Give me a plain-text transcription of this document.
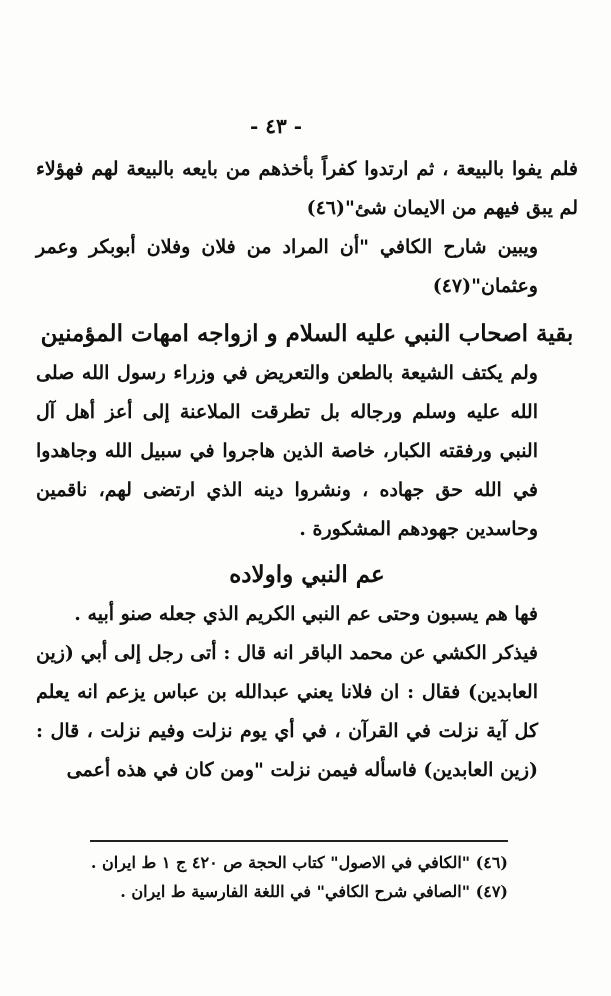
- ٤٣ -

فلم يفوا بالبيعة ، ثم ارتدوا كفراً بأخذهم من بايعه بالبيعة لهم فهؤلاء لم يبق فيهم من الايمان شئ"(٤٦)

ويبين شارح الكافي "أن المراد من فلان وفلان أبوبكر وعمر وعثمان"(٤٧)

بقية اصحاب النبي عليه السلام و ازواجه امهات المؤمنين

ولم يكتف الشيعة بالطعن والتعريض في وزراء رسول الله صلى الله عليه وسلم ورجاله بل تطرقت الملاعنة إلى أعز أهل آل النبي ورفقته الكبار، خاصة الذين هاجروا في سبيل الله وجاهدوا في الله حق جهاده ، ونشروا دينه الذي ارتضى لهم، ناقمين وحاسدين جهودهم المشكورة .

عم النبي واولاده

فها هم يسبون وحتى عم النبي الكريم الذي جعله صنو أبيه .

فيذكر الكشي عن محمد الباقر انه قال : أتى رجل إلى أبي (زين العابدين) فقال : ان فلانا يعني عبدالله بن عباس يزعم انه يعلم كل آية نزلت في القرآن ، في أي يوم نزلت وفيم نزلت ، قال : (زين العابدين) فاسأله فيمن نزلت "ومن كان في هذه أعمى

(٤٦) "الكافي في الاصول" كتاب الحجة ص ٤٢٠ ج ١ ط ايران .

(٤٧) "الصافي شرح الكافي" في اللغة الفارسية ط ايران .
